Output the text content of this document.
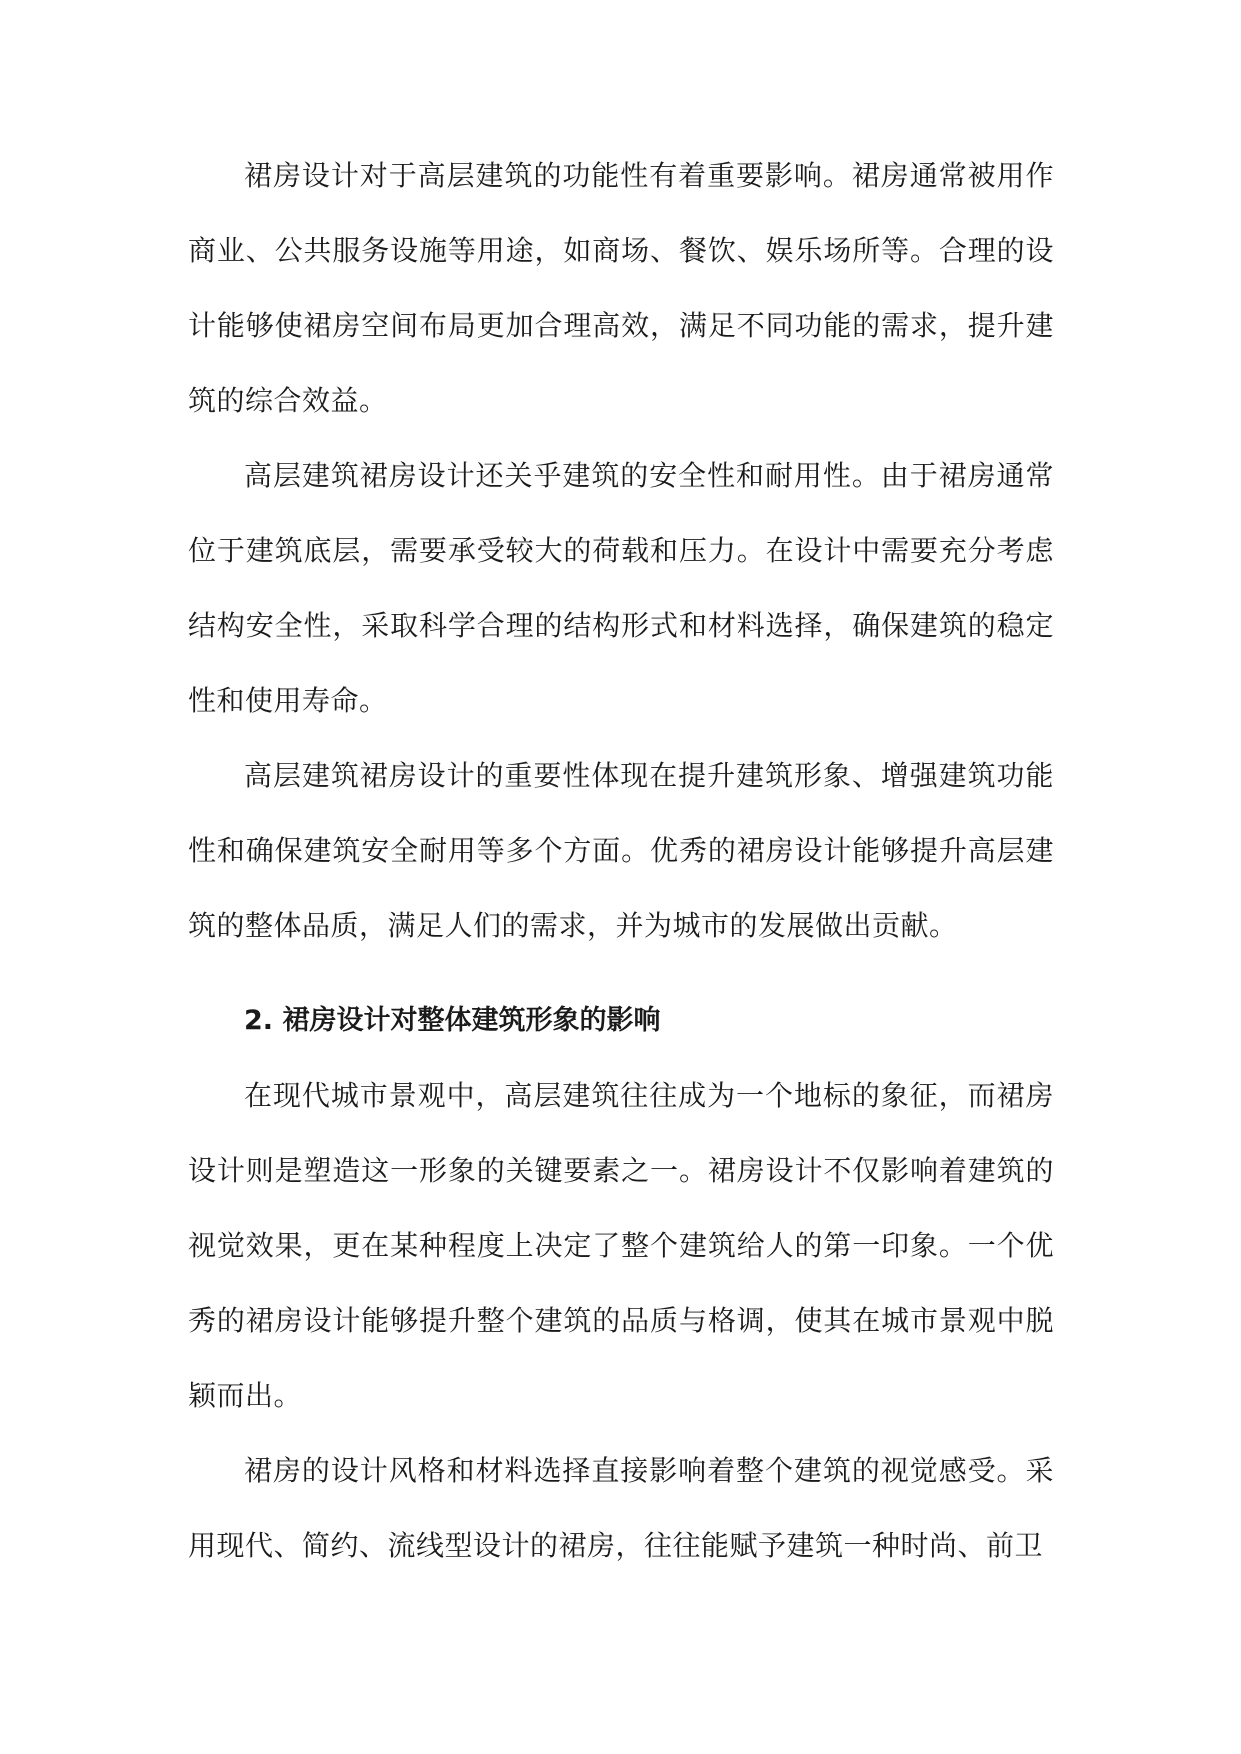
裙房设计对于高层建筑的功能性有着重要影响。裙房通常被用作商业、公共服务设施等用途，如商场、餐饮、娱乐场所等。合理的设计能够使裙房空间布局更加合理高效，满足不同功能的需求，提升建筑的综合效益。

高层建筑裙房设计还关乎建筑的安全性和耐用性。由于裙房通常位于建筑底层，需要承受较大的荷载和压力。在设计中需要充分考虑结构安全性，采取科学合理的结构形式和材料选择，确保建筑的稳定性和使用寿命。

高层建筑裙房设计的重要性体现在提升建筑形象、增强建筑功能性和确保建筑安全耐用等多个方面。优秀的裙房设计能够提升高层建筑的整体品质，满足人们的需求，并为城市的发展做出贡献。

2. 裙房设计对整体建筑形象的影响

在现代城市景观中，高层建筑往往成为一个地标的象征，而裙房设计则是塑造这一形象的关键要素之一。裙房设计不仅影响着建筑的视觉效果，更在某种程度上决定了整个建筑给人的第一印象。一个优秀的裙房设计能够提升整个建筑的品质与格调，使其在城市景观中脱颖而出。

裙房的设计风格和材料选择直接影响着整个建筑的视觉感受。采用现代、简约、流线型设计的裙房，往往能赋予建筑一种时尚、前卫
